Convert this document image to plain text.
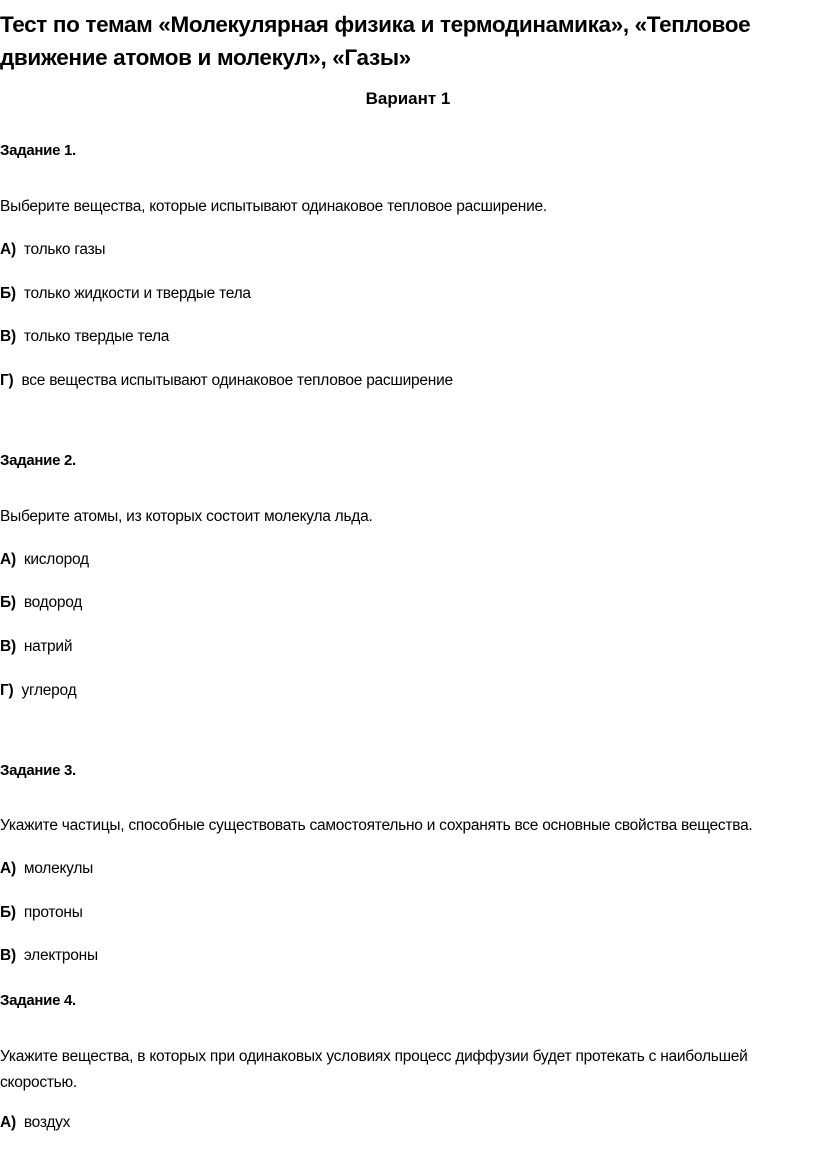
Тест по темам «Молекулярная физика и термодинамика», «Тепловое
движение атомов и молекул», «Газы»
Вариант 1
Задание 1.
Выберите вещества, которые испытывают одинаковое тепловое расширение.
А) только газы
Б) только жидкости и твердые тела
В) только твердые тела
Г) все вещества испытывают одинаковое тепловое расширение
Задание 2.
Выберите атомы, из которых состоит молекула льда.
А) кислород
Б) водород
В) натрий
Г) углерод
Задание 3.
Укажите частицы, способные существовать самостоятельно и сохранять все основные свойства вещества.
А) молекулы
Б) протоны
В) электроны
Задание 4.
Укажите вещества, в которых при одинаковых условиях процесс диффузии будет протекать с наибольшей скоростью.
А) воздух
